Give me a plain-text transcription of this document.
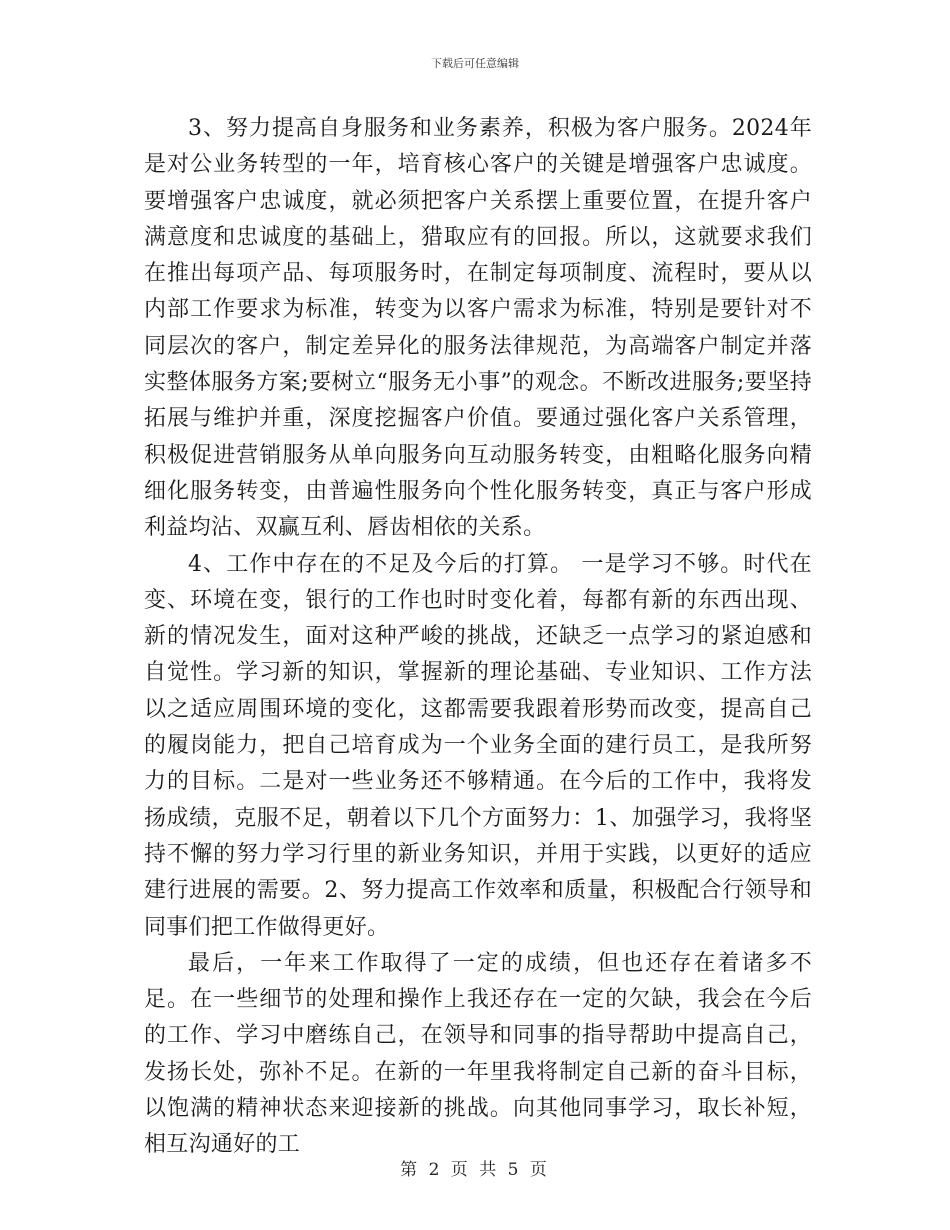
下载后可任意编辑

3、努力提高自身服务和业务素养，积极为客户服务。2024年是对公业务转型的一年，培育核心客户的关键是增强客户忠诚度。要增强客户忠诚度，就必须把客户关系摆上重要位置，在提升客户满意度和忠诚度的基础上，猎取应有的回报。所以，这就要求我们在推出每项产品、每项服务时，在制定每项制度、流程时，要从以内部工作要求为标准，转变为以客户需求为标准，特别是要针对不同层次的客户，制定差异化的服务法律规范，为高端客户制定并落实整体服务方案;要树立“服务无小事”的观念。不断改进服务;要坚持拓展与维护并重，深度挖掘客户价值。要通过强化客户关系管理，积极促进营销服务从单向服务向互动服务转变，由粗略化服务向精细化服务转变，由普遍性服务向个性化服务转变，真正与客户形成利益均沾、双赢互利、唇齿相依的关系。

4、工作中存在的不足及今后的打算。 一是学习不够。时代在变、环境在变，银行的工作也时时变化着，每都有新的东西出现、新的情况发生，面对这种严峻的挑战，还缺乏一点学习的紧迫感和自觉性。学习新的知识，掌握新的理论基础、专业知识、工作方法以之适应周围环境的变化，这都需要我跟着形势而改变，提高自己的履岗能力，把自己培育成为一个业务全面的建行员工，是我所努力的目标。二是对一些业务还不够精通。在今后的工作中，我将发扬成绩，克服不足，朝着以下几个方面努力：1、加强学习，我将坚持不懈的努力学习行里的新业务知识，并用于实践，以更好的适应建行进展的需要。2、努力提高工作效率和质量，积极配合行领导和同事们把工作做得更好。

最后，一年来工作取得了一定的成绩，但也还存在着诸多不足。在一些细节的处理和操作上我还存在一定的欠缺，我会在今后的工作、学习中磨练自己，在领导和同事的指导帮助中提高自己，发扬长处，弥补不足。在新的一年里我将制定自己新的奋斗目标，以饱满的精神状态来迎接新的挑战。向其他同事学习，取长补短，相互沟通好的工

第 2 页 共 5 页
